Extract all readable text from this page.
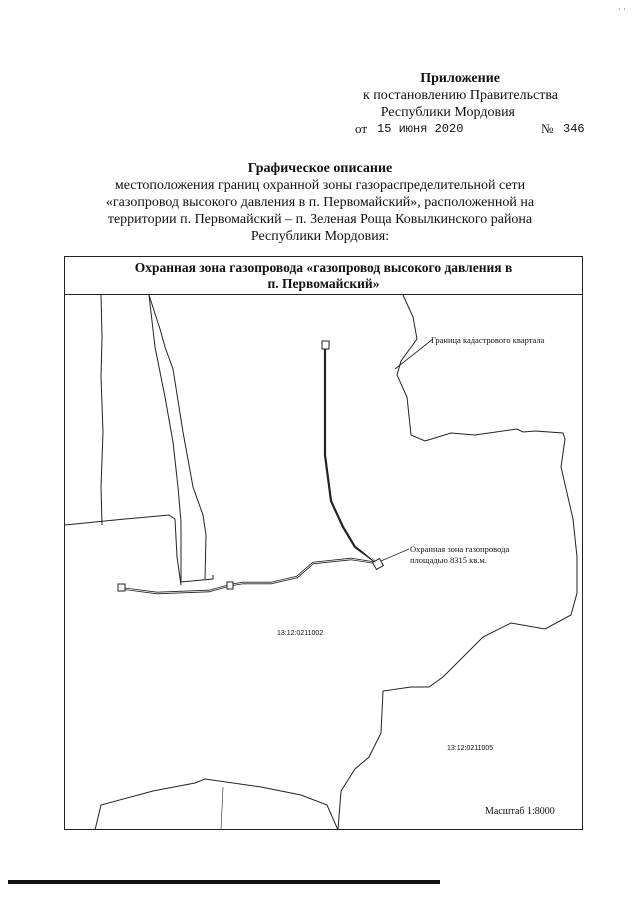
· ·
Приложение
к постановлению Правительства
Республики Мордовия
от 15 июня 2020	№ 346
Графическое описание
местоположения границ охранной зоны газораспределительной сети
«газопровод высокого давления в п. Первомайский», расположенной на
территории п. Первомайский – п. Зеленая Роща Ковылкинского района
Республики Мордовия:
Охранная зона газопровода «газопровод высокого давления в
п. Первомайский»
Граница кадастрового квартала
Охранная зона газопровода
площадью 8315 кв.м.
13:12:0211002
13:12:0211005
Масштаб 1:8000
